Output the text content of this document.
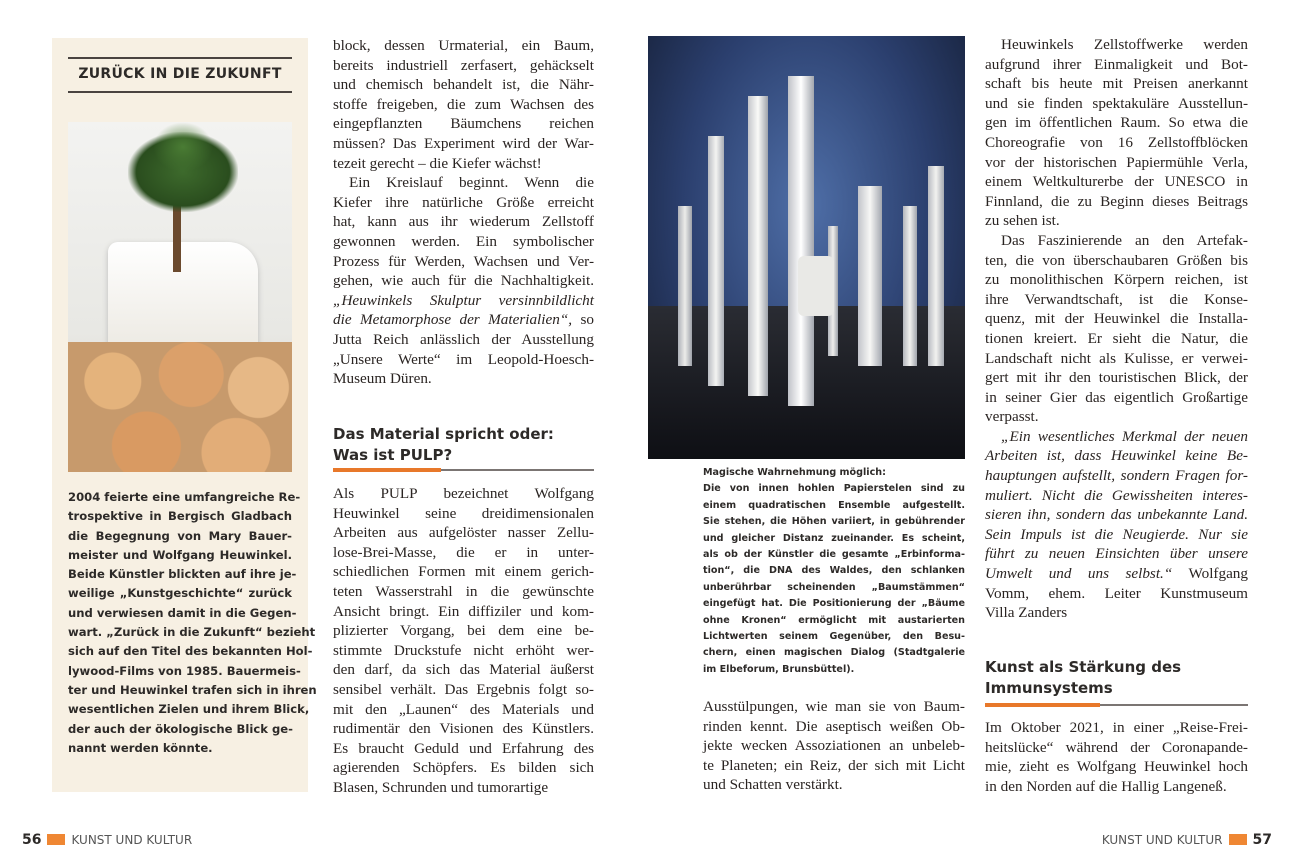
ZURÜCK IN DIE ZUKUNFT
2004 feierte eine umfangreiche Re-
trospektive in Bergisch Gladbach
die Begegnung von Mary Bauer-
meister und Wolfgang Heuwinkel.
Beide Künstler blickten auf ihre je-
weilige „Kunstgeschichte“ zurück
und verwiesen damit in die Gegen-
wart. „Zurück in die Zukunft“ bezieht
sich auf den Titel des bekannten Hol-
lywood-Films von 1985. Bauermeis-
ter und Heuwinkel trafen sich in ihren
wesentlichen Zielen und ihrem Blick,
der auch der ökologische Blick ge-
nannt werden könnte.
block, dessen Urmaterial, ein Baum,
bereits industriell zerfasert, gehäckselt
und chemisch behandelt ist, die Nähr-
stoffe freigeben, die zum Wachsen des
eingepflanzten Bäumchens reichen
müssen? Das Experiment wird der War-
tezeit gerecht – die Kiefer wächst!
Ein Kreislauf beginnt. Wenn die
Kiefer ihre natürliche Größe erreicht
hat, kann aus ihr wiederum Zellstoff
gewonnen werden. Ein symbolischer
Prozess für Werden, Wachsen und Ver-
gehen, wie auch für die Nachhaltigkeit.
„Heuwinkels Skulptur versinnbildlicht
die Metamorphose der Materialien“, so
Jutta Reich anlässlich der Ausstellung
„Unsere Werte“ im Leopold-Hoesch-
Museum Düren.
Das Material spricht oder:
Was ist PULP?
Als PULP bezeichnet Wolfgang
Heuwinkel seine dreidimensionalen
Arbeiten aus aufgelöster nasser Zellu-
lose-Brei-Masse, die er in unter-
schiedlichen Formen mit einem gerich-
teten Wasserstrahl in die gewünschte
Ansicht bringt. Ein diffiziler und kom-
plizierter Vorgang, bei dem eine be-
stimmte Druckstufe nicht erhöht wer-
den darf, da sich das Material äußerst
sensibel verhält. Das Ergebnis folgt so-
mit den „Launen“ des Materials und
rudimentär den Visionen des Künstlers.
Es braucht Geduld und Erfahrung des
agierenden Schöpfers. Es bilden sich
Blasen, Schrunden und tumorartige
Magische Wahrnehmung möglich:
Die von innen hohlen Papierstelen sind zu
einem quadratischen Ensemble aufgestellt.
Sie stehen, die Höhen variiert, in gebührender
und gleicher Distanz zueinander. Es scheint,
als ob der Künstler die gesamte „Erbinforma-
tion“, die DNA des Waldes, den schlanken
unberührbar scheinenden „Baumstämmen“
eingefügt hat. Die Positionierung der „Bäume
ohne Kronen“ ermöglicht mit austarierten
Lichtwerten seinem Gegenüber, den Besu-
chern, einen magischen Dialog (Stadtgalerie
im Elbeforum, Brunsbüttel).
Ausstülpungen, wie man sie von Baum-
rinden kennt. Die aseptisch weißen Ob-
jekte wecken Assoziationen an unbeleb-
te Planeten; ein Reiz, der sich mit Licht
und Schatten verstärkt.
Heuwinkels Zellstoffwerke werden
aufgrund ihrer Einmaligkeit und Bot-
schaft bis heute mit Preisen anerkannt
und sie finden spektakuläre Ausstellun-
gen im öffentlichen Raum. So etwa die
Choreografie von 16 Zellstoffblöcken
vor der historischen Papiermühle Verla,
einem Weltkulturerbe der UNESCO in
Finnland, die zu Beginn dieses Beitrags
zu sehen ist.
Das Faszinierende an den Artefak-
ten, die von überschaubaren Größen bis
zu monolithischen Körpern reichen, ist
ihre Verwandtschaft, ist die Konse-
quenz, mit der Heuwinkel die Installa-
tionen kreiert. Er sieht die Natur, die
Landschaft nicht als Kulisse, er verwei-
gert mit ihr den touristischen Blick, der
in seiner Gier das eigentlich Großartige
verpasst.
„Ein wesentliches Merkmal der neuen
Arbeiten ist, dass Heuwinkel keine Be-
hauptungen aufstellt, sondern Fragen for-
muliert. Nicht die Gewissheiten interes-
sieren ihn, sondern das unbekannte Land.
Sein Impuls ist die Neugierde. Nur sie
führt zu neuen Einsichten über unsere
Umwelt und uns selbst.“ Wolfgang
Vomm, ehem. Leiter Kunstmuseum
Villa Zanders
Kunst als Stärkung des
Immunsystems
Im Oktober 2021, in einer „Reise-Frei-
heitslücke“ während der Coronapande-
mie, zieht es Wolfgang Heuwinkel hoch
in den Norden auf die Hallig Langeneß.
56	KUNST UND KULTUR	KUNST UND KULTUR 57
